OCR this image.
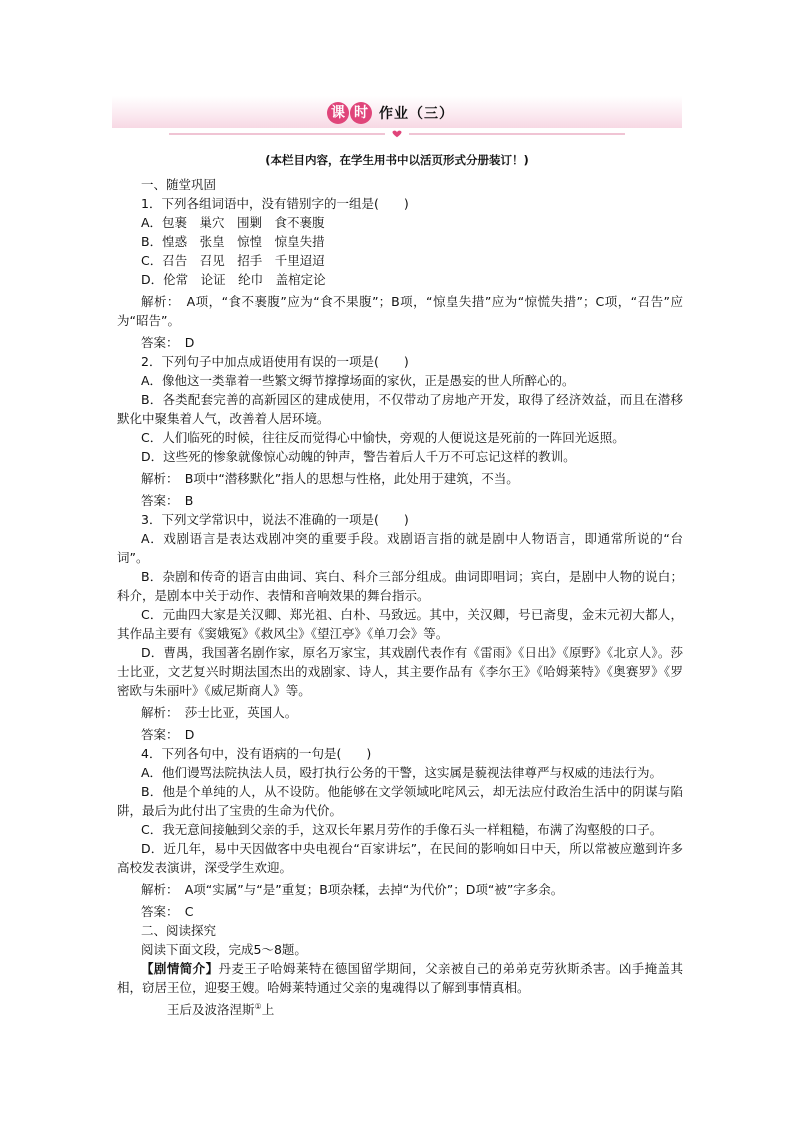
课 时 作业（三）
(本栏目内容，在学生用书中以活页形式分册装订！)
一、随堂巩固
1．下列各组词语中，没有错别字的一组是(　　)
A．包裹　巢穴　围剿　食不裹腹
B．惶惑　张皇　惊惶　惊皇失措
C．召告　召见　招手　千里迢迢
D．伦常　论证　纶巾　盖棺定论
解析：　A项，“食不裹腹”应为“食不果腹”；B项，“惊皇失措”应为“惊慌失措”；C项，“召告”应为“昭告”。
答案：　D
2．下列句子中加点成语使用有误的一项是(　　)
A．像他这一类靠着一些繁文缛节撑撑场面的家伙，正是愚妄的世人所醉心的。
B．各类配套完善的高新园区的建成使用，不仅带动了房地产开发，取得了经济效益，而且在潜移默化中聚集着人气，改善着人居环境。
C．人们临死的时候，往往反而觉得心中愉快，旁观的人便说这是死前的一阵回光返照。
D．这些死的惨象就像惊心动魄的钟声，警告着后人千万不可忘记这样的教训。
解析：　B项中“潜移默化”指人的思想与性格，此处用于建筑，不当。
答案：　B
3．下列文学常识中，说法不准确的一项是(　　)
A．戏剧语言是表达戏剧冲突的重要手段。戏剧语言指的就是剧中人物语言，即通常所说的“台词”。
B．杂剧和传奇的语言由曲词、宾白、科介三部分组成。曲词即唱词；宾白，是剧中人物的说白；科介，是剧本中关于动作、表情和音响效果的舞台指示。
C．元曲四大家是关汉卿、郑光祖、白朴、马致远。其中，关汉卿，号已斋叟，金末元初大都人，其作品主要有《窦娥冤》《救风尘》《望江亭》《单刀会》等。
D．曹禺，我国著名剧作家，原名万家宝，其戏剧代表作有《雷雨》《日出》《原野》《北京人》。莎士比亚，文艺复兴时期法国杰出的戏剧家、诗人，其主要作品有《李尔王》《哈姆莱特》《奥赛罗》《罗密欧与朱丽叶》《威尼斯商人》等。
解析：　莎士比亚，英国人。
答案：　D
4．下列各句中，没有语病的一句是(　　)
A．他们谩骂法院执法人员，殴打执行公务的干警，这实属是藐视法律尊严与权威的违法行为。
B．他是个单纯的人，从不设防。他能够在文学领域叱咤风云，却无法应付政治生活中的阴谋与陷阱，最后为此付出了宝贵的生命为代价。
C．我无意间接触到父亲的手，这双长年累月劳作的手像石头一样粗糙，布满了沟壑般的口子。
D．近几年，易中天因做客中央电视台“百家讲坛”，在民间的影响如日中天，所以常被应邀到许多高校发表演讲，深受学生欢迎。
解析：　A项“实属”与“是”重复；B项杂糅，去掉“为代价”；D项“被”字多余。
答案：　C
二、阅读探究
阅读下面文段，完成5～8题。
【剧情简介】丹麦王子哈姆莱特在德国留学期间，父亲被自己的弟弟克劳狄斯杀害。凶手掩盖其相，窃居王位，迎娶王嫂。哈姆莱特通过父亲的鬼魂得以了解到事情真相。
王后及波洛涅斯①上
